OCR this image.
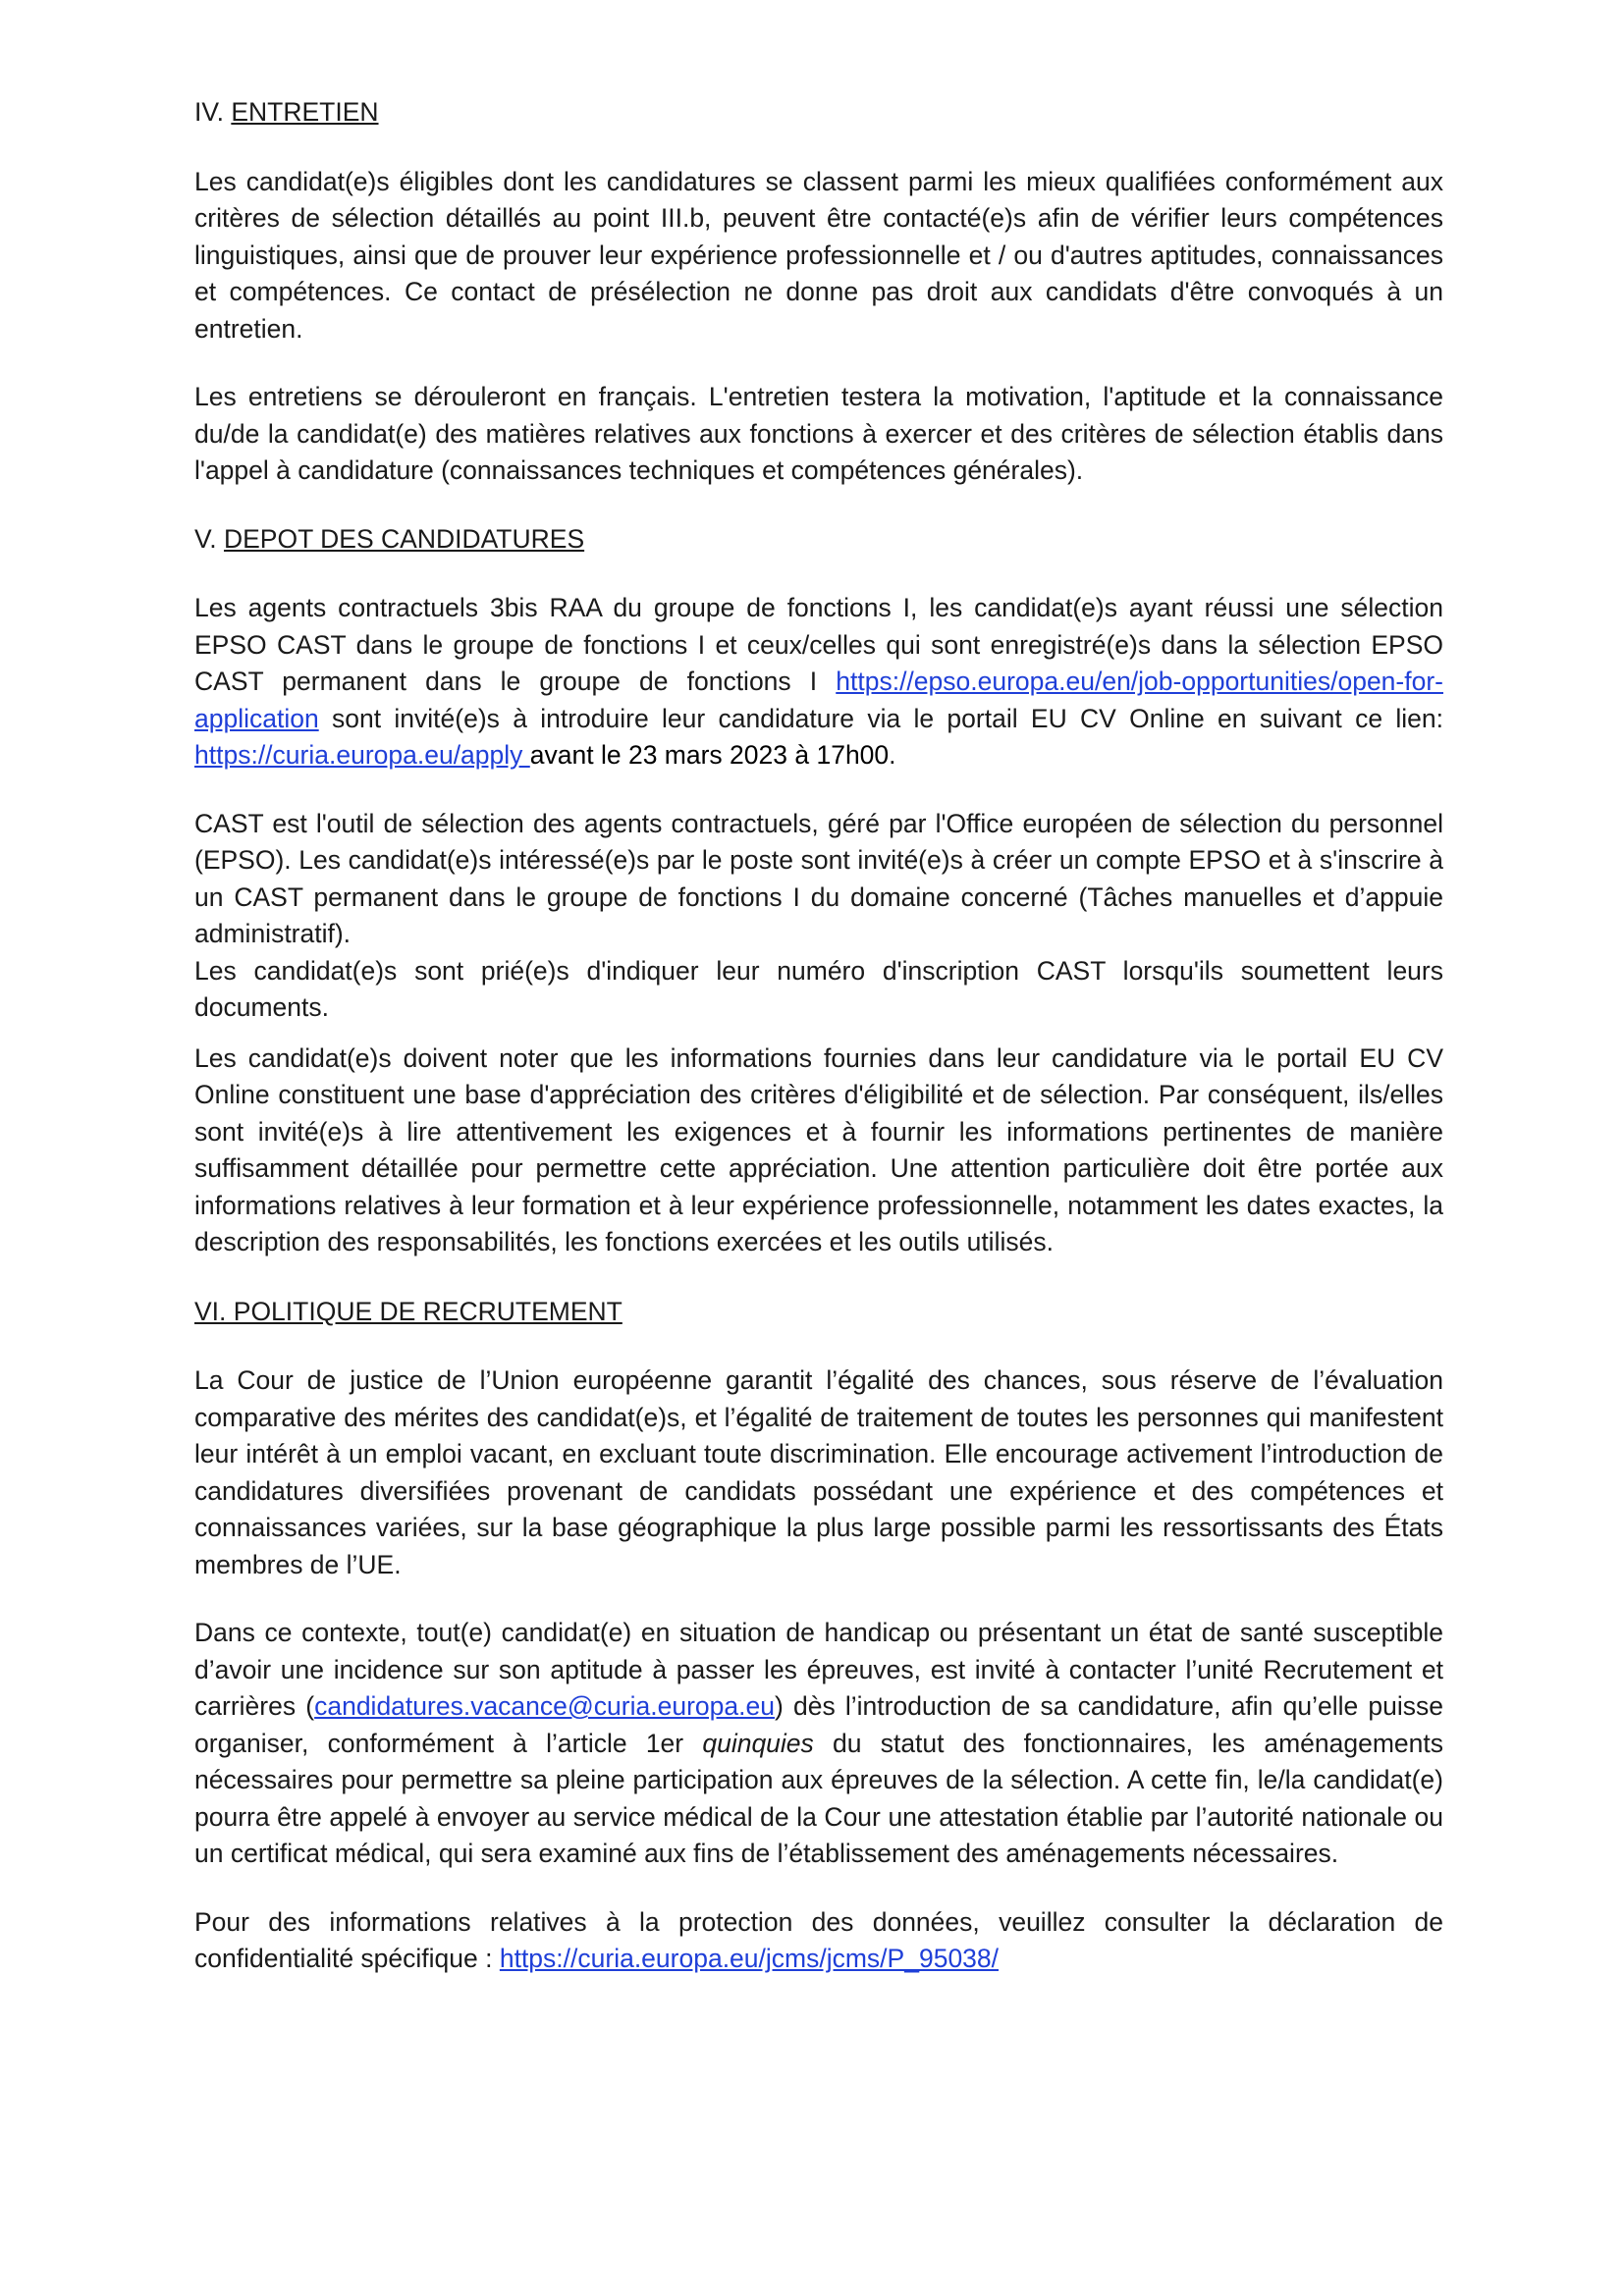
IV. ENTRETIEN

Les candidat(e)s éligibles dont les candidatures se classent parmi les mieux qualifiées conformément aux critères de sélection détaillés au point III.b, peuvent être contacté(e)s afin de vérifier leurs compétences linguistiques, ainsi que de prouver leur expérience professionnelle et / ou d'autres aptitudes, connaissances et compétences. Ce contact de présélection ne donne pas droit aux candidats d'être convoqués à un entretien.

Les entretiens se dérouleront en français. L'entretien testera la motivation, l'aptitude et la connaissance du/de la candidat(e) des matières relatives aux fonctions à exercer et des critères de sélection établis dans l'appel à candidature (connaissances techniques et compétences générales).

V. DEPOT DES CANDIDATURES

Les agents contractuels 3bis RAA du groupe de fonctions I, les candidat(e)s ayant réussi une sélection EPSO CAST dans le groupe de fonctions I et ceux/celles qui sont enregistré(e)s dans la sélection EPSO CAST permanent dans le groupe de fonctions I https://epso.europa.eu/en/job-opportunities/open-for-application sont invité(e)s à introduire leur candidature via le portail EU CV Online en suivant ce lien: https://curia.europa.eu/apply avant le 23 mars 2023 à 17h00.

CAST est l'outil de sélection des agents contractuels, géré par l'Office européen de sélection du personnel (EPSO). Les candidat(e)s intéressé(e)s par le poste sont invité(e)s à créer un compte EPSO et à s'inscrire à un CAST permanent dans le groupe de fonctions I du domaine concerné (Tâches manuelles et d’appuie administratif).

Les candidat(e)s sont prié(e)s d'indiquer leur numéro d'inscription CAST lorsqu'ils soumettent leurs documents.

Les candidat(e)s doivent noter que les informations fournies dans leur candidature via le portail EU CV Online constituent une base d'appréciation des critères d'éligibilité et de sélection. Par conséquent, ils/elles sont invité(e)s à lire attentivement les exigences et à fournir les informations pertinentes de manière suffisamment détaillée pour permettre cette appréciation. Une attention particulière doit être portée aux informations relatives à leur formation et à leur expérience professionnelle, notamment les dates exactes, la description des responsabilités, les fonctions exercées et les outils utilisés.

VI. POLITIQUE DE RECRUTEMENT

La Cour de justice de l’Union européenne garantit l’égalité des chances, sous réserve de l’évaluation comparative des mérites des candidat(e)s, et l’égalité de traitement de toutes les personnes qui manifestent leur intérêt à un emploi vacant, en excluant toute discrimination. Elle encourage activement l’introduction de candidatures diversifiées provenant de candidats possédant une expérience et des compétences et connaissances variées, sur la base géographique la plus large possible parmi les ressortissants des États membres de l’UE.

Dans ce contexte, tout(e) candidat(e) en situation de handicap ou présentant un état de santé susceptible d’avoir une incidence sur son aptitude à passer les épreuves, est invité à contacter l’unité Recrutement et carrières (candidatures.vacance@curia.europa.eu) dès l’introduction de sa candidature, afin qu’elle puisse organiser, conformément à l’article 1er quinquies du statut des fonctionnaires, les aménagements nécessaires pour permettre sa pleine participation aux épreuves de la sélection. A cette fin, le/la candidat(e) pourra être appelé à envoyer au service médical de la Cour une attestation établie par l’autorité nationale ou un certificat médical, qui sera examiné aux fins de l’établissement des aménagements nécessaires.

Pour des informations relatives à la protection des données, veuillez consulter la déclaration de confidentialité spécifique : https://curia.europa.eu/jcms/jcms/P_95038/
